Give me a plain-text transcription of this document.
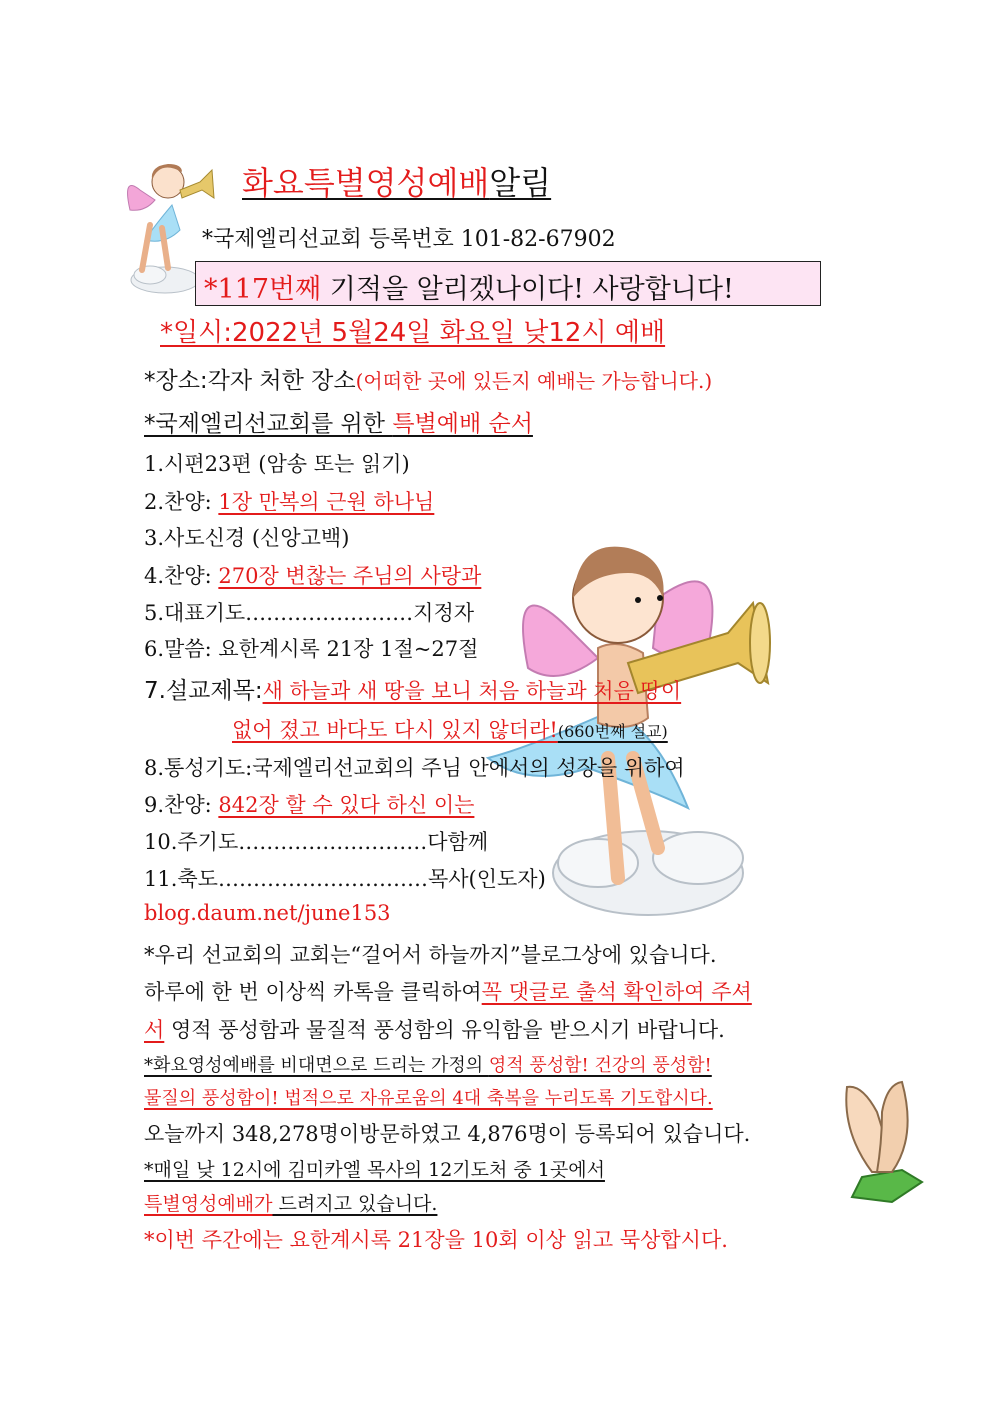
화요특별영성예배알림
*국제엘리선교회 등록번호 101-82-67902
*117번째 기적을 알리겠나이다! 사랑합니다!
*일시:2022년 5월24일 화요일 낮12시 예배
*장소:각자 처한 장소(어떠한 곳에 있든지 예배는 가능합니다.)
*국제엘리선교회를 위한 특별예배 순서
1.시편23편 (암송 또는 읽기)
2.찬양: 1장 만복의 근원 하나님
3.사도신경 (신앙고백)
4.찬양: 270장 변찮는 주님의 사랑과
5.대표기도……………………지정자
6.말씀: 요한계시록 21장 1절~27절
7.설교제목:새 하늘과 새 땅을 보니 처음 하늘과 처음 땅이
없어 졌고 바다도 다시 있지 않더라!(660번째 설교)
8.통성기도:국제엘리선교회의 주님 안에서의 성장을 위하여
9.찬양: 842장 할 수 있다 하신 이는
10.주기도………………………다함께
11.축도…………………………목사(인도자)
blog.daum.net/june153
*우리 선교회의 교회는“걸어서 하늘까지”블로그상에 있습니다.
하루에 한 번 이상씩 카톡을 클릭하여꼭 댓글로 출석 확인하여 주셔
서 영적 풍성함과 물질적 풍성함의 유익함을 받으시기 바랍니다.
*화요영성예배를 비대면으로 드리는 가정의 영적 풍성함! 건강의 풍성함!
물질의 풍성함이! 법적으로 자유로움의 4대 축복을 누리도록 기도합시다.
오늘까지 348,278명이방문하였고 4,876명이 등록되어 있습니다.
*매일 낮 12시에 김미카엘 목사의 12기도처 중 1곳에서
특별영성예배가 드려지고 있습니다.
*이번 주간에는 요한계시록 21장을 10회 이상 읽고 묵상합시다.
